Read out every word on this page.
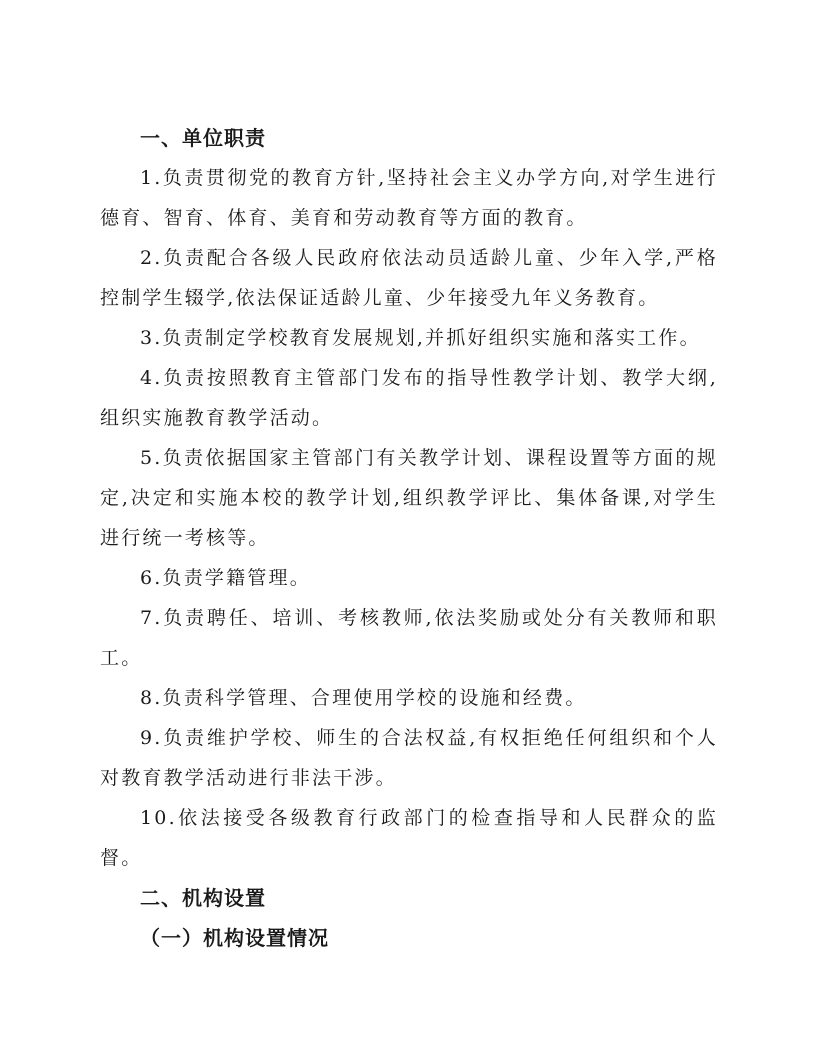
一、单位职责

1.负责贯彻党的教育方针,坚持社会主义办学方向,对学生进行德育、智育、体育、美育和劳动教育等方面的教育。

2.负责配合各级人民政府依法动员适龄儿童、少年入学,严格控制学生辍学,依法保证适龄儿童、少年接受九年义务教育。

3.负责制定学校教育发展规划,并抓好组织实施和落实工作。

4.负责按照教育主管部门发布的指导性教学计划、教学大纲,组织实施教育教学活动。

5.负责依据国家主管部门有关教学计划、课程设置等方面的规定,决定和实施本校的教学计划,组织教学评比、集体备课,对学生进行统一考核等。

6.负责学籍管理。

7.负责聘任、培训、考核教师,依法奖励或处分有关教师和职工。

8.负责科学管理、合理使用学校的设施和经费。

9.负责维护学校、师生的合法权益,有权拒绝任何组织和个人对教育教学活动进行非法干涉。

10.依法接受各级教育行政部门的检查指导和人民群众的监督。

二、机构设置
（一）机构设置情况
